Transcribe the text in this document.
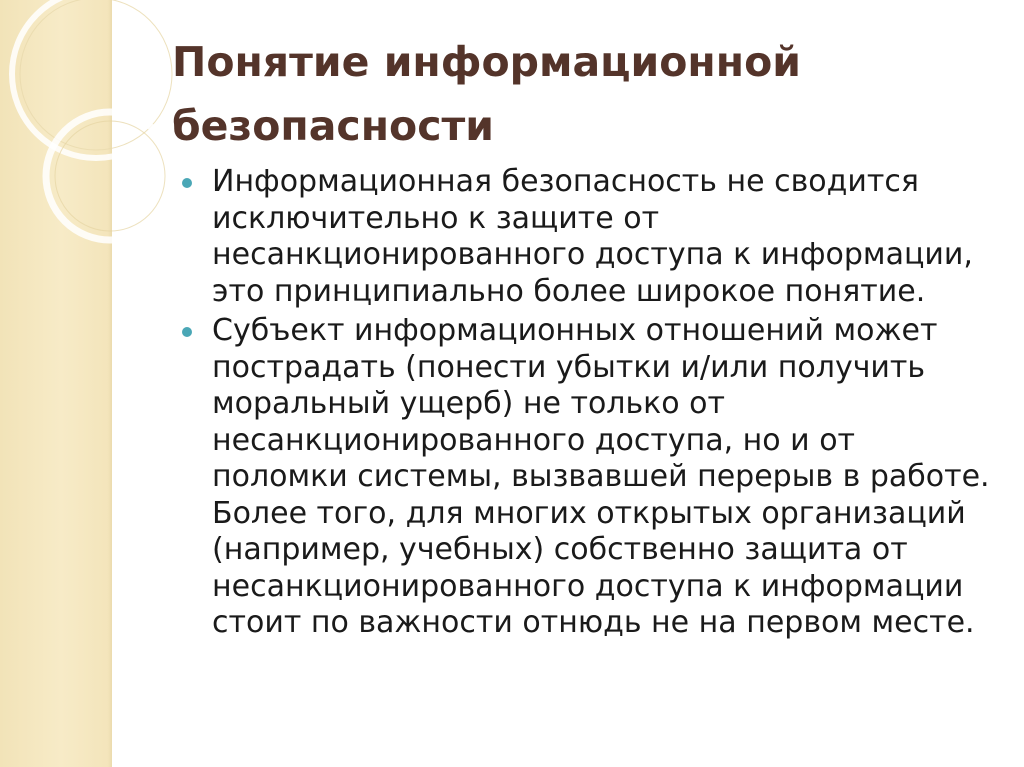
Понятие информационной безопасности
Информационная безопасность не сводится исключительно к защите от несанкционированного доступа к информации, это принципиально более широкое понятие.
Субъект информационных отношений может пострадать (понести убытки и/или получить моральный ущерб) не только от несанкционированного доступа, но и от поломки системы, вызвавшей перерыв в работе. Более того, для многих открытых организаций (например, учебных) собственно защита от несанкционированного доступа к информации стоит по важности отнюдь не на первом месте.
